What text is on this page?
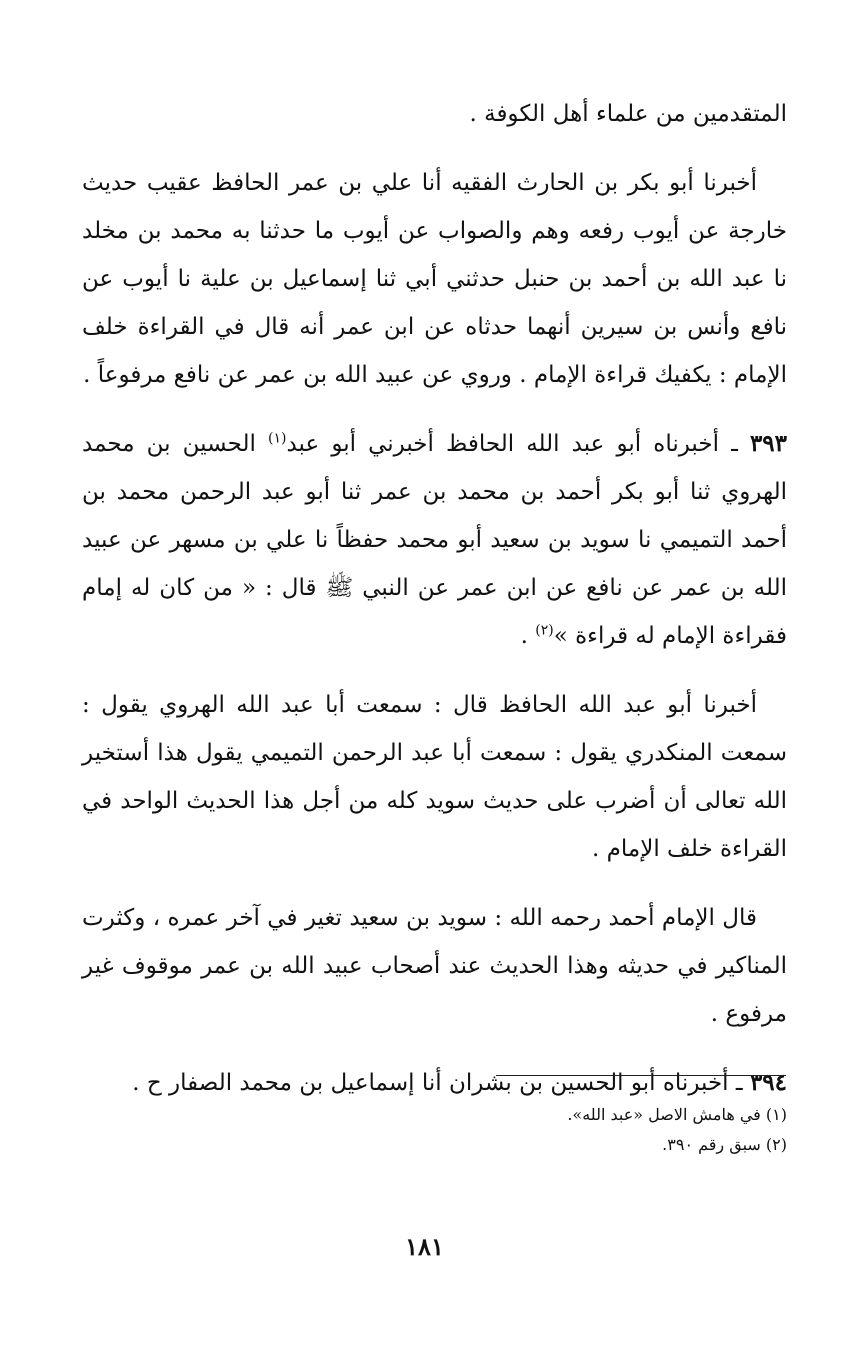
المتقدمين من علماء أهل الكوفة .

أخبرنا أبو بكر بن الحارث الفقيه أنا علي بن عمر الحافظ عقيب حديث خارجة عن أيوب رفعه وهم والصواب عن أيوب ما حدثنا به محمد بن مخلد نا عبد الله بن أحمد بن حنبل حدثني أبي ثنا إسماعيل بن علية نا أيوب عن نافع وأنس بن سيرين أنهما حدثاه عن ابن عمر أنه قال في القراءة خلف الإمام : يكفيك قراءة الإمام . وروي عن عبيد الله بن عمر عن نافع مرفوعاً .

٣٩٣ ـ أخبرناه أبو عبد الله الحافظ أخبرني أبو عبد$^{(١)}$ الحسين بن محمد الهروي ثنا أبو بكر أحمد بن محمد بن عمر ثنا أبو عبد الرحمن محمد بن أحمد التميمي نا سويد بن سعيد أبو محمد حفظاً نا علي بن مسهر عن عبيد الله بن عمر عن نافع عن ابن عمر عن النبي ﷺ قال : « من كان له إمام فقراءة الإمام له قراءة »$^{(٢)}$ .

أخبرنا أبو عبد الله الحافظ قال : سمعت أبا عبد الله الهروي يقول : سمعت المنكدري يقول : سمعت أبا عبد الرحمن التميمي يقول هذا أستخير الله تعالى أن أضرب على حديث سويد كله من أجل هذا الحديث الواحد في القراءة خلف الإمام .

قال الإمام أحمد رحمه الله : سويد بن سعيد تغير في آخر عمره ، وكثرت المناكير في حديثه وهذا الحديث عند أصحاب عبيد الله بن عمر موقوف غير مرفوع .

٣٩٤ ـ أخبرناه أبو الحسين بن بشران أنا إسماعيل بن محمد الصفار ح .

(١) في هامش الاصل «عبد الله».
(٢) سبق رقم ٣٩٠.
١٨١
